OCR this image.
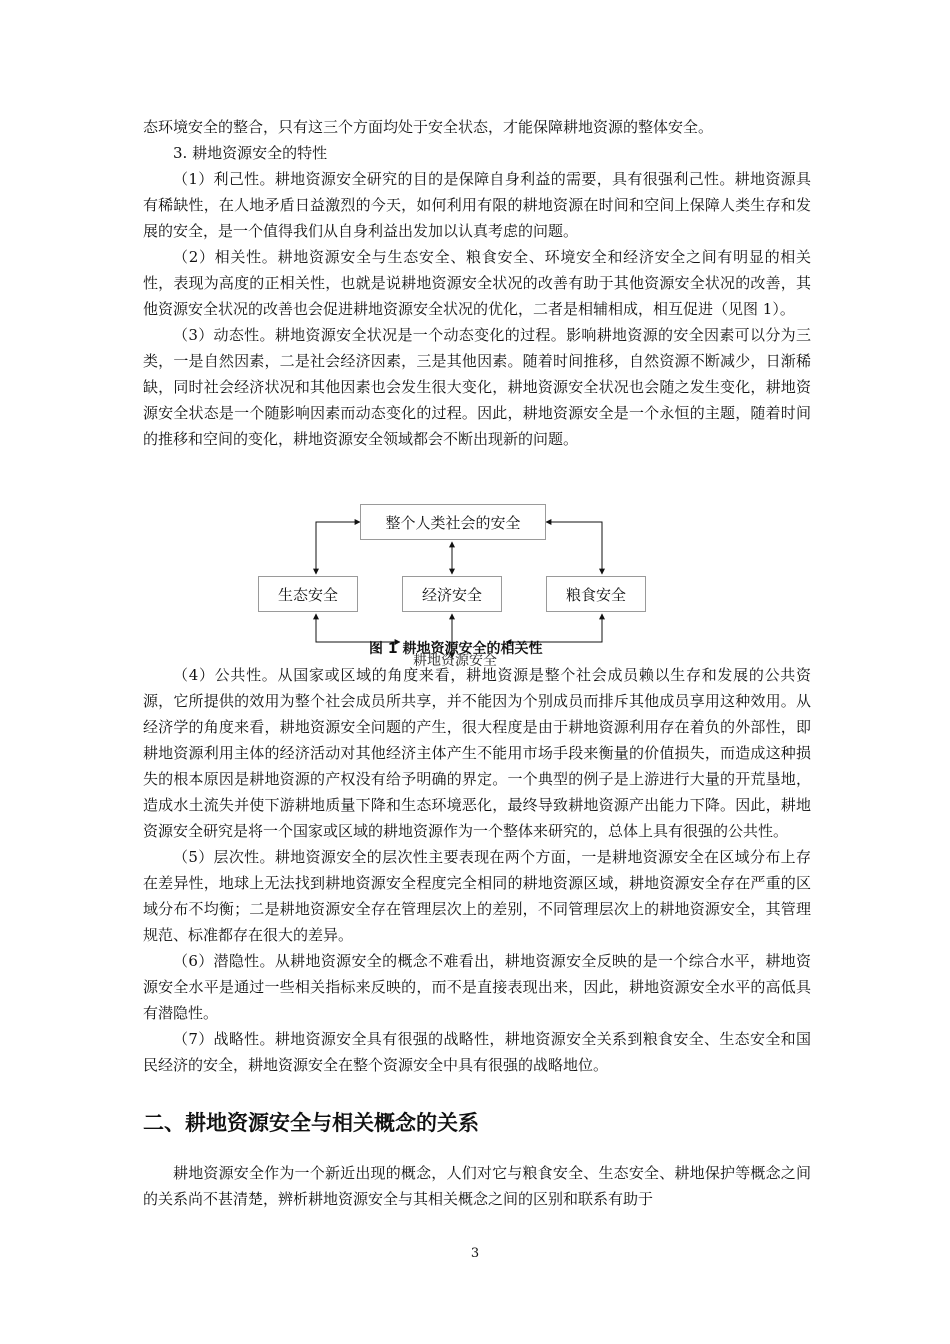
态环境安全的整合，只有这三个方面均处于安全状态，才能保障耕地资源的整体安全。

3. 耕地资源安全的特性

（1）利己性。耕地资源安全研究的目的是保障自身利益的需要，具有很强利己性。耕地资源具有稀缺性，在人地矛盾日益激烈的今天，如何利用有限的耕地资源在时间和空间上保障人类生存和发展的安全，是一个值得我们从自身利益出发加以认真考虑的问题。

（2）相关性。耕地资源安全与生态安全、粮食安全、环境安全和经济安全之间有明显的相关性，表现为高度的正相关性，也就是说耕地资源安全状况的改善有助于其他资源安全状况的改善，其他资源安全状况的改善也会促进耕地资源安全状况的优化，二者是相辅相成，相互促进（见图 1）。

（3）动态性。耕地资源安全状况是一个动态变化的过程。影响耕地资源的安全因素可以分为三类，一是自然因素，二是社会经济因素，三是其他因素。随着时间推移，自然资源不断减少，日渐稀缺，同时社会经济状况和其他因素也会发生很大变化，耕地资源安全状况也会随之发生变化，耕地资源安全状态是一个随影响因素而动态变化的过程。因此，耕地资源安全是一个永恒的主题，随着时间的推移和空间的变化，耕地资源安全领域都会不断出现新的问题。

整个人类社会的安全
生态安全	经济安全	粮食安全
耕地资源安全
图 1 耕地资源安全的相关性

（4）公共性。从国家或区域的角度来看，耕地资源是整个社会成员赖以生存和发展的公共资源，它所提供的效用为整个社会成员所共享，并不能因为个别成员而排斥其他成员享用这种效用。从经济学的角度来看，耕地资源安全问题的产生，很大程度是由于耕地资源利用存在着负的外部性，即耕地资源利用主体的经济活动对其他经济主体产生不能用市场手段来衡量的价值损失，而造成这种损失的根本原因是耕地资源的产权没有给予明确的界定。一个典型的例子是上游进行大量的开荒垦地，造成水土流失并使下游耕地质量下降和生态环境恶化，最终导致耕地资源产出能力下降。因此，耕地资源安全研究是将一个国家或区域的耕地资源作为一个整体来研究的，总体上具有很强的公共性。

（5）层次性。耕地资源安全的层次性主要表现在两个方面，一是耕地资源安全在区域分布上存在差异性，地球上无法找到耕地资源安全程度完全相同的耕地资源区域，耕地资源安全存在严重的区域分布不均衡；二是耕地资源安全存在管理层次上的差别，不同管理层次上的耕地资源安全，其管理规范、标准都存在很大的差异。

（6）潜隐性。从耕地资源安全的概念不难看出，耕地资源安全反映的是一个综合水平，耕地资源安全水平是通过一些相关指标来反映的，而不是直接表现出来，因此，耕地资源安全水平的高低具有潜隐性。

（7）战略性。耕地资源安全具有很强的战略性，耕地资源安全关系到粮食安全、生态安全和国民经济的安全，耕地资源安全在整个资源安全中具有很强的战略地位。

二、耕地资源安全与相关概念的关系

耕地资源安全作为一个新近出现的概念，人们对它与粮食安全、生态安全、耕地保护等概念之间的关系尚不甚清楚，辨析耕地资源安全与其相关概念之间的区别和联系有助于

3
